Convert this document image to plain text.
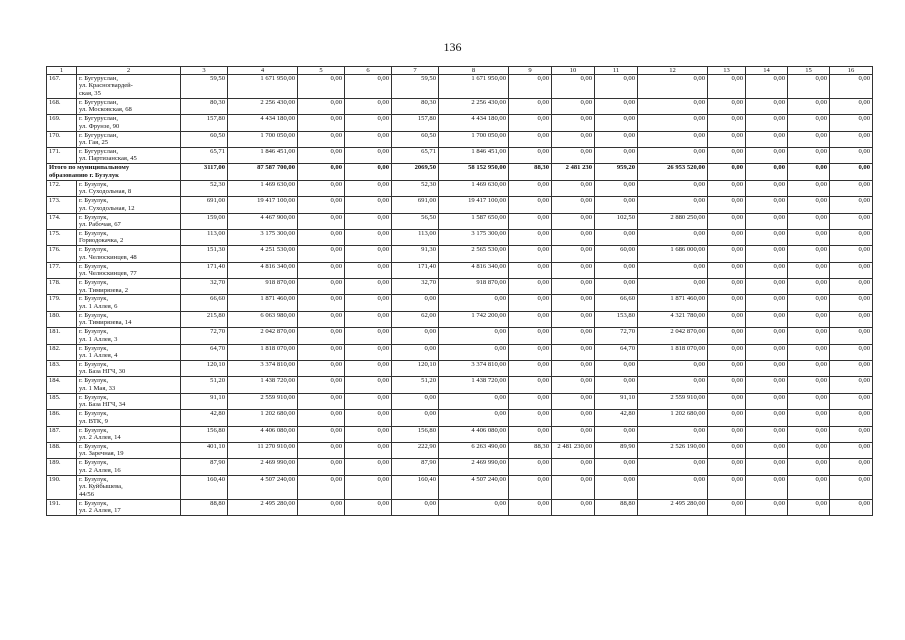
136
1	2	3	4	5	6	7	8	9	10	11	12	13	14	15	16
167.	г. Бугуруслан,
ул. Красногвардей-
ская, 35	59,50	1 671 950,00	0,00	0,00	59,50	1 671 950,00	0,00	0,00	0,00	0,00	0,00	0,00	0,00	0,00
168.	г. Бугуруслан,
ул. Московская, 68	80,30	2 256 430,00	0,00	0,00	80,30	2 256 430,00	0,00	0,00	0,00	0,00	0,00	0,00	0,00	0,00
169.	г. Бугуруслан,
ул. Фрунзе, 90	157,80	4 434 180,00	0,00	0,00	157,80	4 434 180,00	0,00	0,00	0,00	0,00	0,00	0,00	0,00	0,00
170.	г. Бугуруслан,
ул. Гая, 25	60,50	1 700 050,00	0,00	0,00	60,50	1 700 050,00	0,00	0,00	0,00	0,00	0,00	0,00	0,00	0,00
171.	г. Бугуруслан,
ул. Партизанская, 45	65,71	1 846 451,00	0,00	0,00	65,71	1 846 451,00	0,00	0,00	0,00	0,00	0,00	0,00	0,00	0,00
Итого по муниципальному
образованию г. Бузулук		3117,00	87 587 700,00	0,00	0,00	2069,50	58 152 950,00	88,30	2 481 230	959,20	26 953 520,00	0,00	0,00	0,00	0,00
172.	г. Бузулук,
ул. Суходольная, 8	52,30	1 469 630,00	0,00	0,00	52,30	1 469 630,00	0,00	0,00	0,00	0,00	0,00	0,00	0,00	0,00
173.	г. Бузулук,
ул. Суходольная, 12	691,00	19 417 100,00	0,00	0,00	691,00	19 417 100,00	0,00	0,00	0,00	0,00	0,00	0,00	0,00	0,00
174.	г. Бузулук,
ул. Рабочая, 67	159,00	4 467 900,00	0,00	0,00	56,50	1 587 650,00	0,00	0,00	102,50	2 880 250,00	0,00	0,00	0,00	0,00
175.	г. Бузулук,
Горводокачка, 2	113,00	3 175 300,00	0,00	0,00	113,00	3 175 300,00	0,00	0,00	0,00	0,00	0,00	0,00	0,00	0,00
176.	г. Бузулук,
ул. Челюскинцев, 48	151,30	4 251 530,00	0,00	0,00	91,30	2 565 530,00	0,00	0,00	60,00	1 686 000,00	0,00	0,00	0,00	0,00
177.	г. Бузулук,
ул. Челюскинцев, 77	171,40	4 816 340,00	0,00	0,00	171,40	4 816 340,00	0,00	0,00	0,00	0,00	0,00	0,00	0,00	0,00
178.	г. Бузулук,
ул. Тимирязева, 2	32,70	918 870,00	0,00	0,00	32,70	918 870,00	0,00	0,00	0,00	0,00	0,00	0,00	0,00	0,00
179.	г. Бузулук,
ул. 1 Аллея, 6	66,60	1 871 460,00	0,00	0,00	0,00	0,00	0,00	0,00	66,60	1 871 460,00	0,00	0,00	0,00	0,00
180.	г. Бузулук,
ул. Тимирязева, 14	215,80	6 063 980,00	0,00	0,00	62,00	1 742 200,00	0,00	0,00	153,80	4 321 780,00	0,00	0,00	0,00	0,00
181.	г. Бузулук,
ул. 1 Аллея, 3	72,70	2 042 870,00	0,00	0,00	0,00	0,00	0,00	0,00	72,70	2 042 870,00	0,00	0,00	0,00	0,00
182.	г. Бузулук,
ул. 1 Аллея, 4	64,70	1 818 070,00	0,00	0,00	0,00	0,00	0,00	0,00	64,70	1 818 070,00	0,00	0,00	0,00	0,00
183.	г. Бузулук,
ул. База НГЧ, 30	120,10	3 374 810,00	0,00	0,00	120,10	3 374 810,00	0,00	0,00	0,00	0,00	0,00	0,00	0,00	0,00
184.	г. Бузулук,
ул. 1 Мая, 33	51,20	1 438 720,00	0,00	0,00	51,20	1 438 720,00	0,00	0,00	0,00	0,00	0,00	0,00	0,00	0,00
185.	г. Бузулук,
ул. База НГЧ, 34	91,10	2 559 910,00	0,00	0,00	0,00	0,00	0,00	0,00	91,10	2 559 910,00	0,00	0,00	0,00	0,00
186.	г. Бузулук,
ул. ВТК, 9	42,80	1 202 680,00	0,00	0,00	0,00	0,00	0,00	0,00	42,80	1 202 680,00	0,00	0,00	0,00	0,00
187.	г. Бузулук,
ул. 2 Аллея, 14	156,80	4 406 080,00	0,00	0,00	156,80	4 406 080,00	0,00	0,00	0,00	0,00	0,00	0,00	0,00	0,00
188.	г. Бузулук,
ул. Заречная, 19	401,10	11 270 910,00	0,00	0,00	222,90	6 263 490,00	88,30	2 481 230,00	89,90	2 526 190,00	0,00	0,00	0,00	0,00
189.	г. Бузулук,
ул. 2 Аллея, 16	87,90	2 469 990,00	0,00	0,00	87,90	2 469 990,00	0,00	0,00	0,00	0,00	0,00	0,00	0,00	0,00
190.	г. Бузулук,
ул. Куйбышева,
44/56	160,40	4 507 240,00	0,00	0,00	160,40	4 507 240,00	0,00	0,00	0,00	0,00	0,00	0,00	0,00	0,00
191.	г. Бузулук,
ул. 2 Аллея, 17	88,80	2 495 280,00	0,00	0,00	0,00	0,00	0,00	0,00	88,80	2 495 280,00	0,00	0,00	0,00	0,00
